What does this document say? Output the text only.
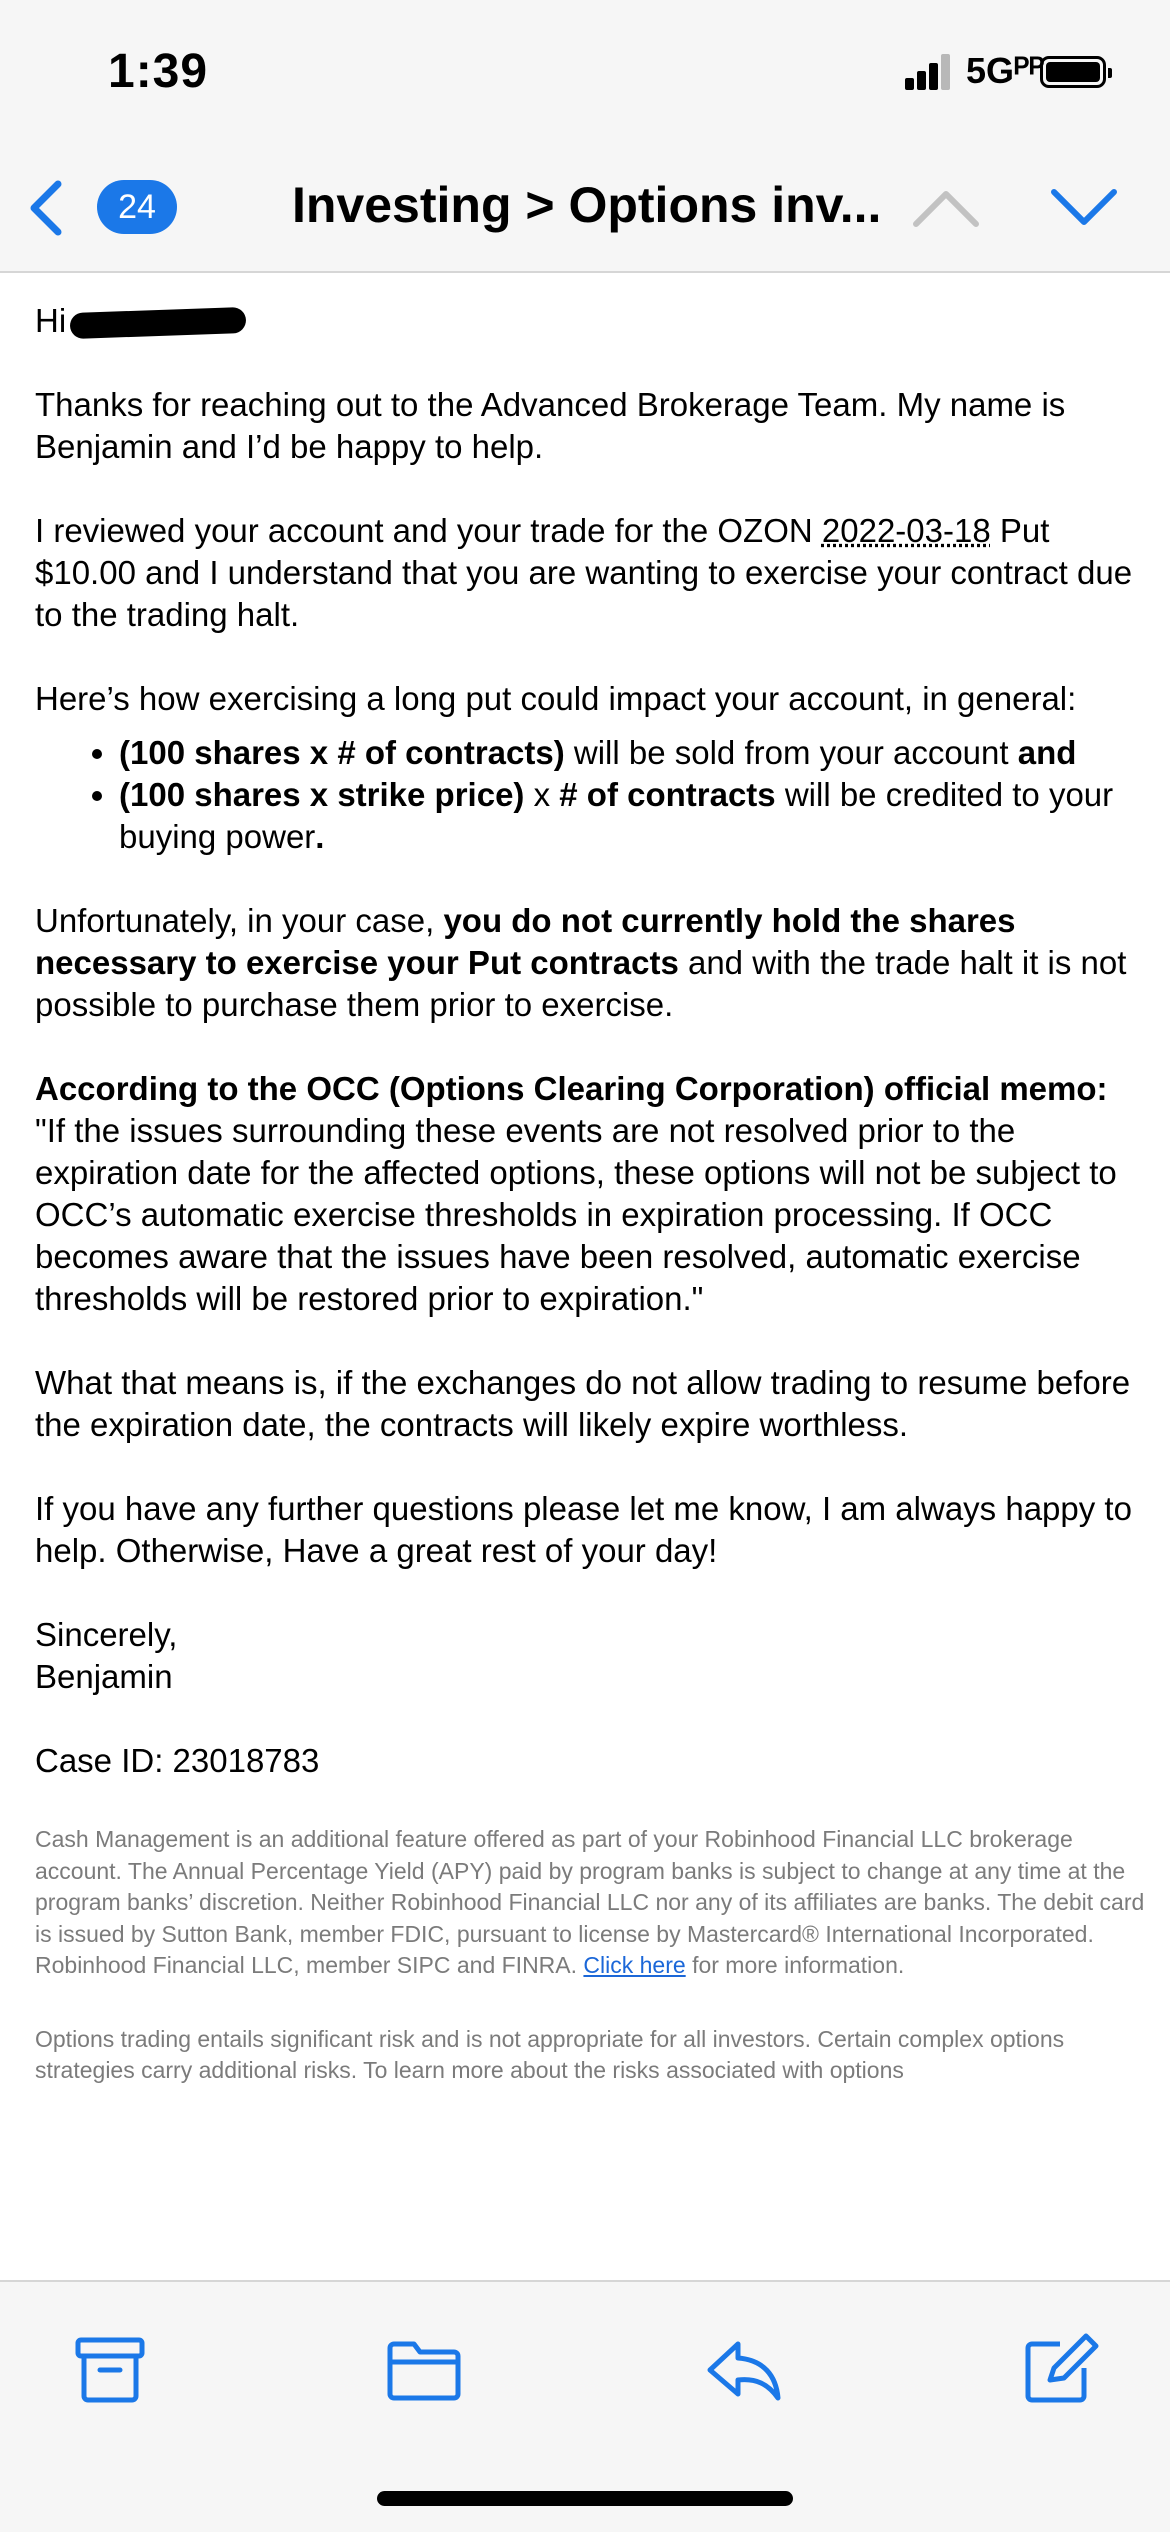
1:39	5Gᴾᴾ
24	Investing > Options inv...

Hi

Thanks for reaching out to the Advanced Brokerage Team. My name is Benjamin and I’d be happy to help.

I reviewed your account and your trade for the OZON 2022-03-18 Put $10.00 and I understand that you are wanting to exercise your contract due to the trading halt.

Here’s how exercising a long put could impact your account, in general:

• (100 shares x # of contracts) will be sold from your account and
• (100 shares x strike price) x # of contracts will be credited to your buying power.

Unfortunately, in your case, you do not currently hold the shares necessary to exercise your Put contracts and with the trade halt it is not possible to purchase them prior to exercise.

According to the OCC (Options Clearing Corporation) official memo:
"If the issues surrounding these events are not resolved prior to the expiration date for the affected options, these options will not be subject to OCC’s automatic exercise thresholds in expiration processing. If OCC becomes aware that the issues have been resolved, automatic exercise thresholds will be restored prior to expiration."

What that means is, if the exchanges do not allow trading to resume before the expiration date, the contracts will likely expire worthless.

If you have any further questions please let me know, I am always happy to help. Otherwise, Have a great rest of your day!

Sincerely,
Benjamin

Case ID: 23018783

Cash Management is an additional feature offered as part of your Robinhood Financial LLC brokerage account. The Annual Percentage Yield (APY) paid by program banks is subject to change at any time at the program banks’ discretion. Neither Robinhood Financial LLC nor any of its affiliates are banks. The debit card is issued by Sutton Bank, member FDIC, pursuant to license by Mastercard® International Incorporated. Robinhood Financial LLC, member SIPC and FINRA. Click here for more information.

Options trading entails significant risk and is not appropriate for all investors. Certain complex options strategies carry additional risks. To learn more about the risks associated with options
